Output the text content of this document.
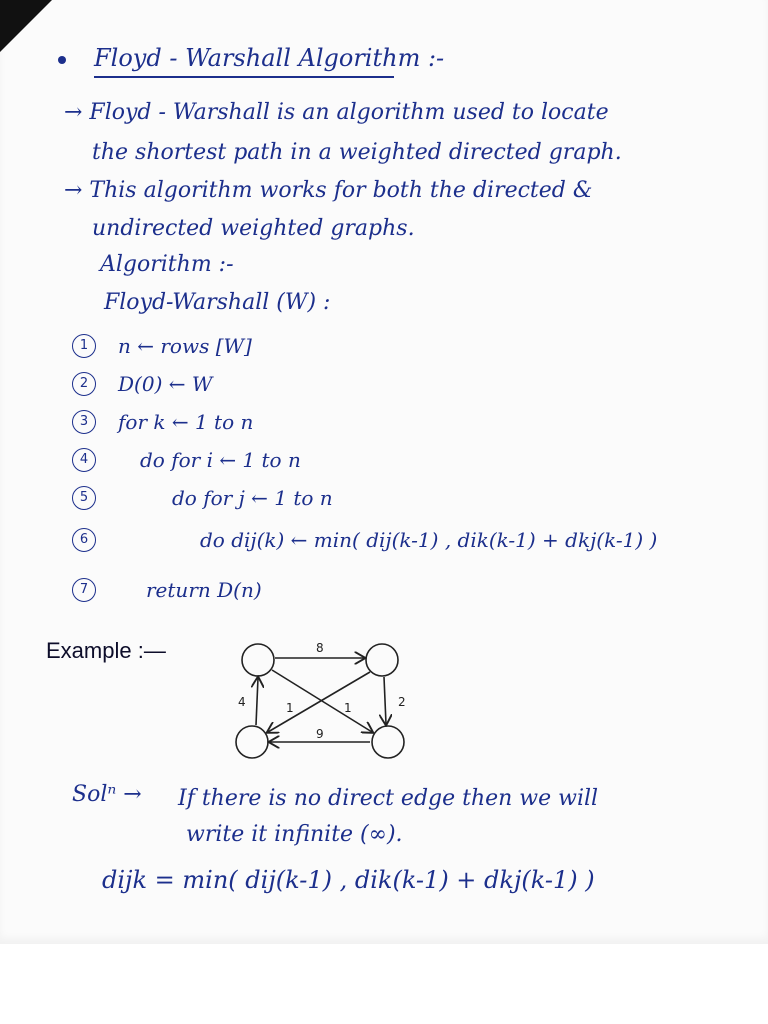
Floyd - Warshall Algorithm :-
→ Floyd - Warshall is an algorithm used to locate
the shortest path in a weighted directed graph.
→ This algorithm works for both the directed &
undirected weighted graphs.
Algorithm :-
Floyd-Warshall (W) :
1	n ← rows [W]
2	D(0) ← W
3	for k ← 1 to n
4	do for i ← 1 to n
5	do for j ← 1 to n
6	do dij(k) ← min( dij(k-1) , dik(k-1) + dkj(k-1) )
7	return D(n)
Example :—	8
4	2
1	1
9
Solⁿ → If there is no direct edge then we will
write it infinite (∞).
dijk = min( dij(k-1) , dik(k-1) + dkj(k-1) )
